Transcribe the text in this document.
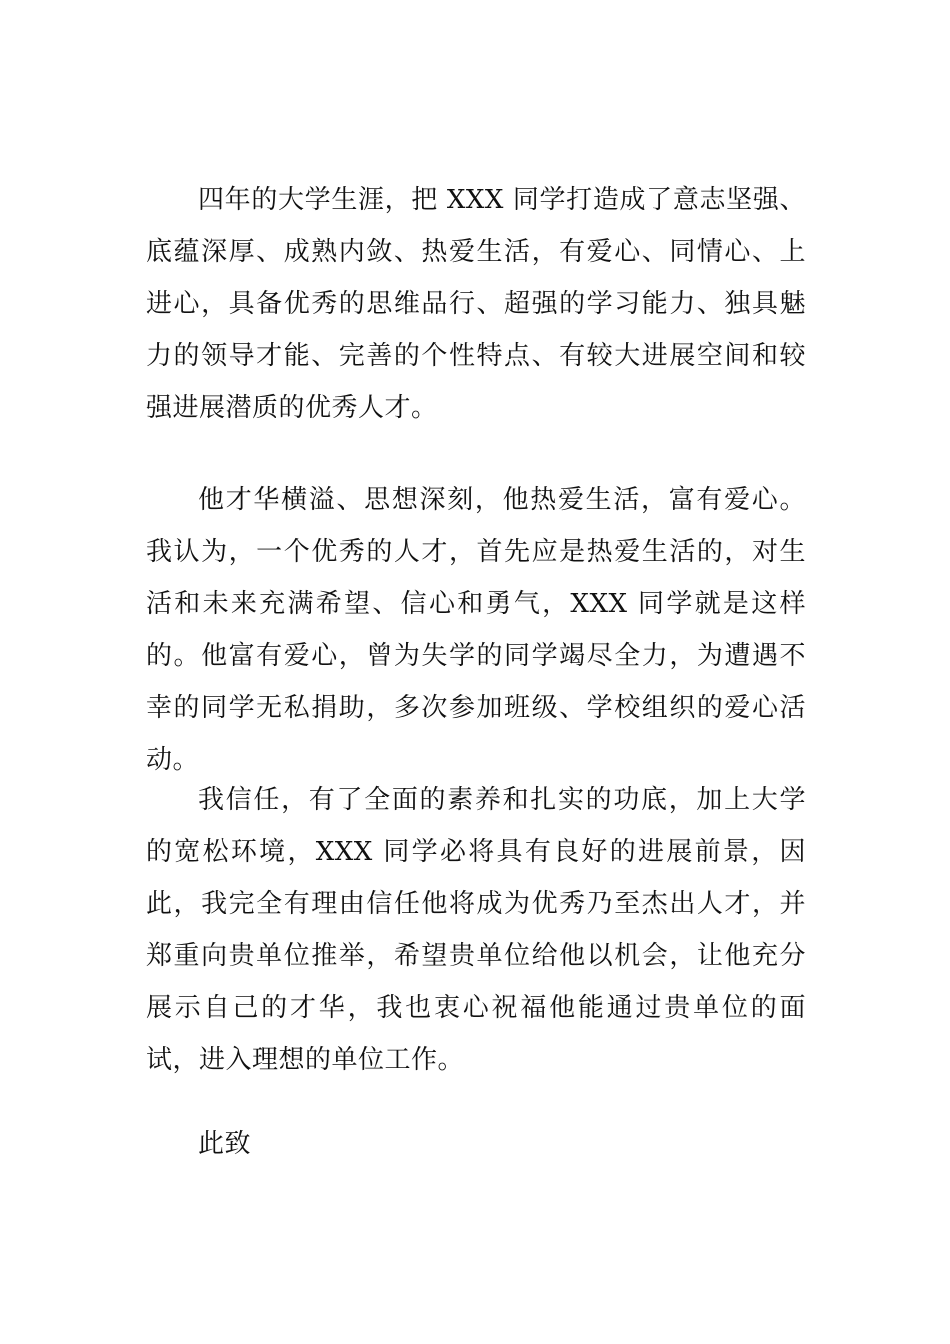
四年的大学生涯，把 XXX 同学打造成了意志坚强、底蕴深厚、成熟内敛、热爱生活，有爱心、同情心、上进心，具备优秀的思维品行、超强的学习能力、独具魅力的领导才能、完善的个性特点、有较大进展空间和较强进展潜质的优秀人才。

他才华横溢、思想深刻，他热爱生活，富有爱心。我认为，一个优秀的人才，首先应是热爱生活的，对生活和未来充满希望、信心和勇气，XXX 同学就是这样的。他富有爱心，曾为失学的同学竭尽全力，为遭遇不幸的同学无私捐助，多次参加班级、学校组织的爱心活动。

我信任，有了全面的素养和扎实的功底，加上大学的宽松环境，XXX 同学必将具有良好的进展前景，因此，我完全有理由信任他将成为优秀乃至杰出人才，并郑重向贵单位推举，希望贵单位给他以机会，让他充分展示自己的才华，我也衷心祝福他能通过贵单位的面试，进入理想的单位工作。

此致
